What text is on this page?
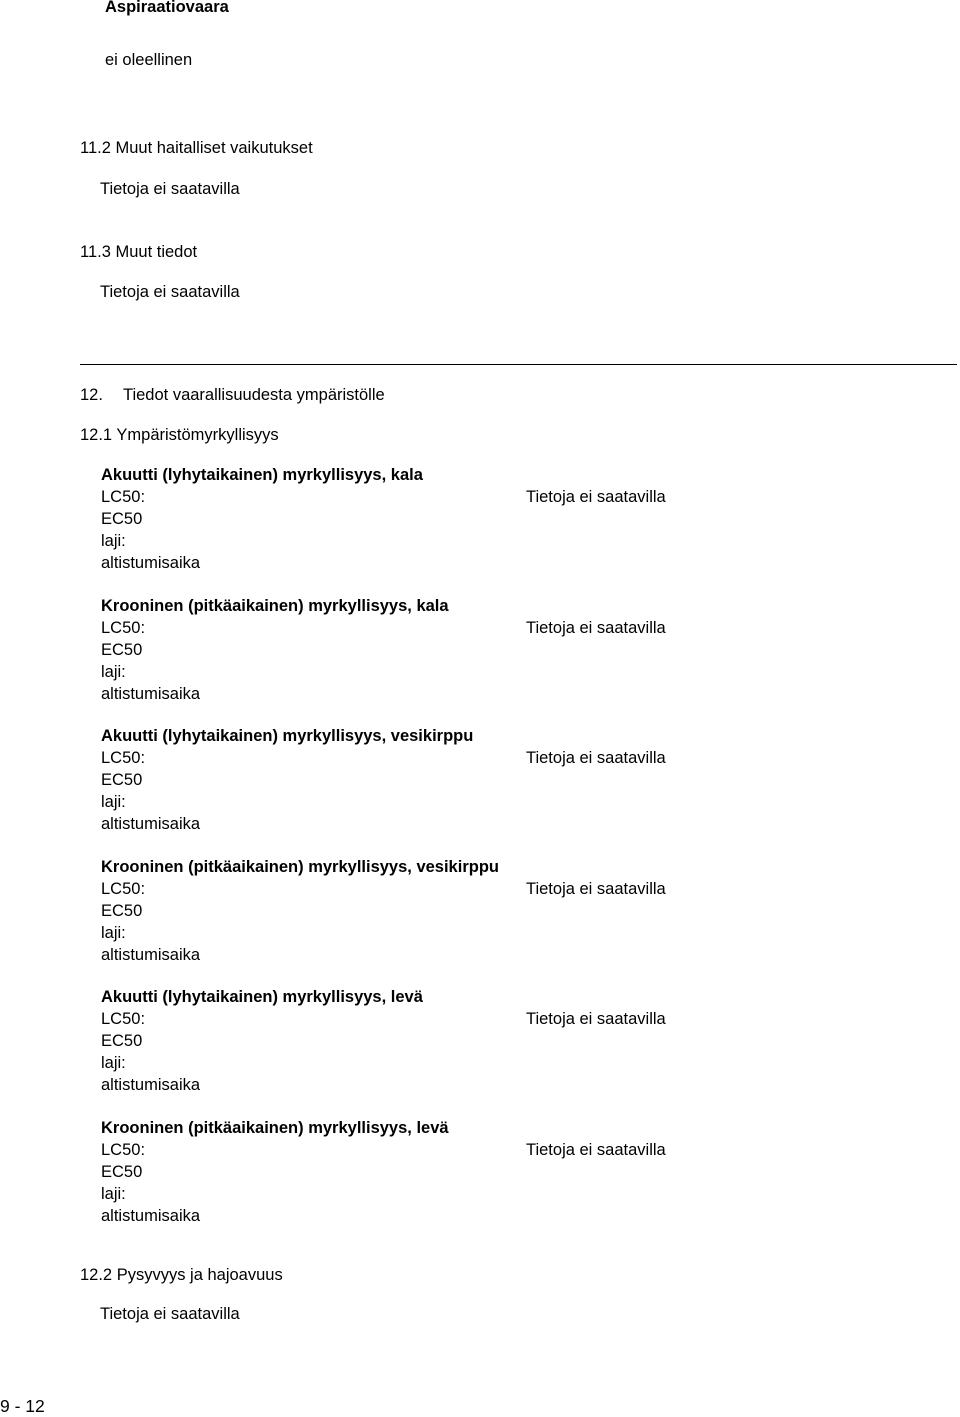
Aspiraatiovaara
ei oleellinen
11.2 Muut haitalliset vaikutukset
Tietoja ei saatavilla
11.3 Muut tiedot
Tietoja ei saatavilla
12. Tiedot vaarallisuudesta ympäristölle
12.1 Ympäristömyrkyllisyys
Akuutti (lyhytaikainen) myrkyllisyys, kala
LC50:
EC50
laji:
altistumisaika
Tietoja ei saatavilla
Krooninen (pitkäaikainen) myrkyllisyys, kala
LC50:
EC50
laji:
altistumisaika
Tietoja ei saatavilla
Akuutti (lyhytaikainen) myrkyllisyys, vesikirppu
LC50:
EC50
laji:
altistumisaika
Tietoja ei saatavilla
Krooninen (pitkäaikainen) myrkyllisyys, vesikirppu
LC50:
EC50
laji:
altistumisaika
Tietoja ei saatavilla
Akuutti (lyhytaikainen) myrkyllisyys, levä
LC50:
EC50
laji:
altistumisaika
Tietoja ei saatavilla
Krooninen (pitkäaikainen) myrkyllisyys, levä
LC50:
EC50
laji:
altistumisaika
Tietoja ei saatavilla
12.2 Pysyvyys ja hajoavuus
Tietoja ei saatavilla
9 - 12
